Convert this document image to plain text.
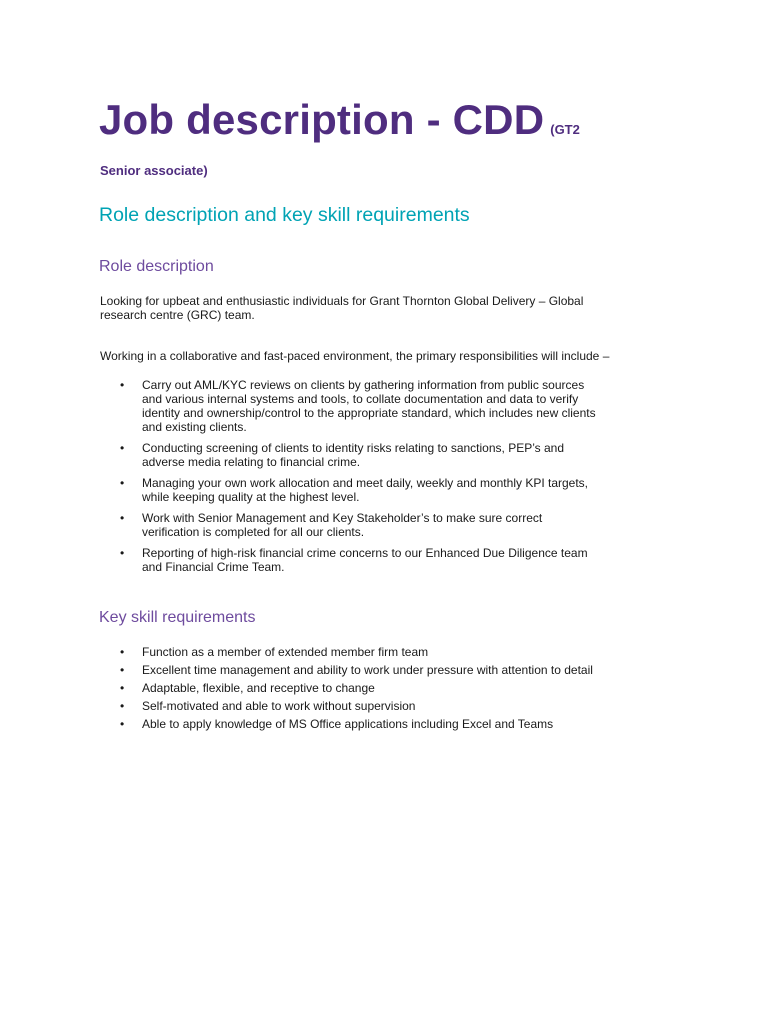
Job description - CDD (GT2
Senior associate)
Role description and key skill requirements
Role description
Looking for upbeat and enthusiastic individuals for Grant Thornton Global Delivery – Global research centre (GRC) team.
Working in a collaborative and fast-paced environment, the primary responsibilities will include –
• Carry out AML/KYC reviews on clients by gathering information from public sources and various internal systems and tools, to collate documentation and data to verify identity and ownership/control to the appropriate standard, which includes new clients and existing clients.
• Conducting screening of clients to identity risks relating to sanctions, PEP’s and adverse media relating to financial crime.
• Managing your own work allocation and meet daily, weekly and monthly KPI targets, while keeping quality at the highest level.
• Work with Senior Management and Key Stakeholder’s to make sure correct verification is completed for all our clients.
• Reporting of high-risk financial crime concerns to our Enhanced Due Diligence team and Financial Crime Team.
Key skill requirements
• Function as a member of extended member firm team
• Excellent time management and ability to work under pressure with attention to detail
• Adaptable, flexible, and receptive to change
• Self-motivated and able to work without supervision
• Able to apply knowledge of MS Office applications including Excel and Teams
